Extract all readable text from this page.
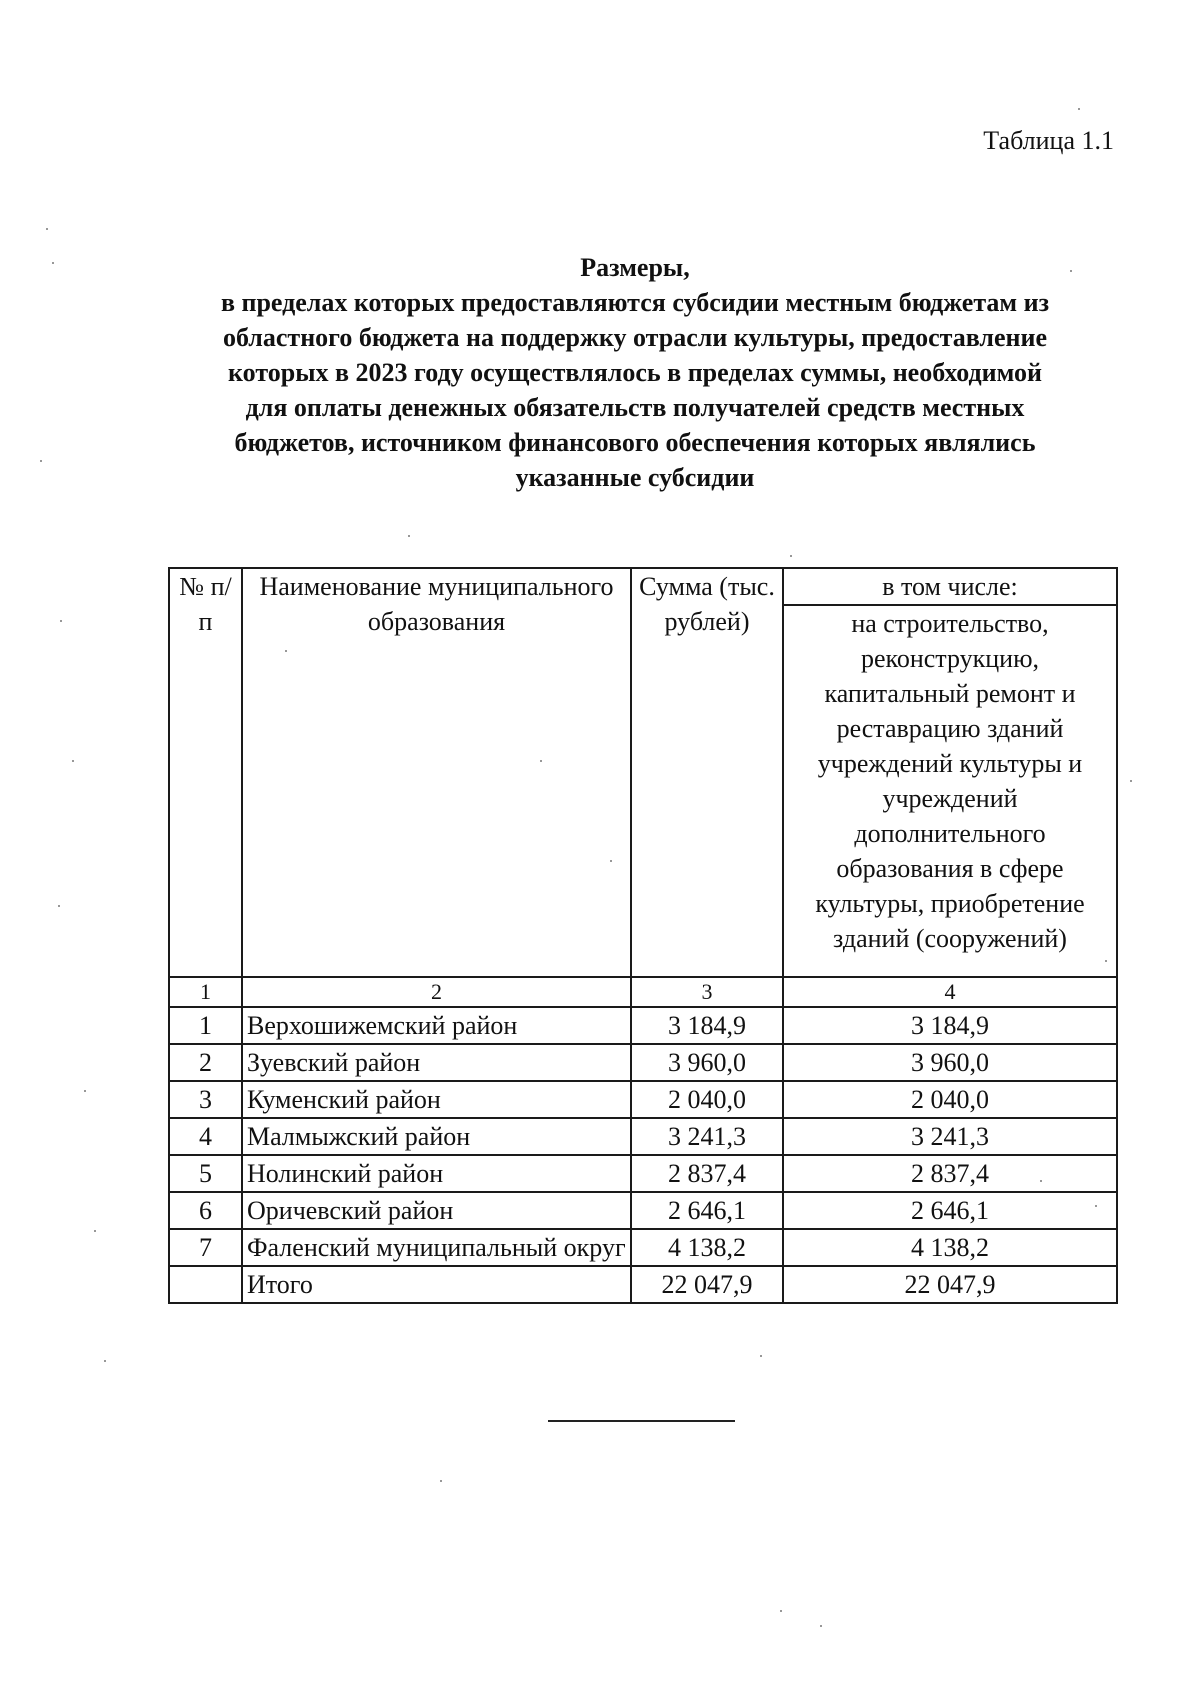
Таблица 1.1
Размеры,
в пределах которых предоставляются субсидии местным бюджетам из
областного бюджета на поддержку отрасли культуры, предоставление
которых в 2023 году осуществлялось в пределах суммы, необходимой
для оплаты денежных обязательств получателей средств местных
бюджетов, источником финансового обеспечения которых являлись
указанные субсидии
№ п/п	Наименование муниципального образования	Сумма (тыс. рублей)	в том числе:
			на строительство, реконструкцию, капитальный ремонт и реставрацию зданий учреждений культуры и учреждений дополнительного образования в сфере культуры, приобретение зданий (сооружений)
1	2	3	4
1	Верхошижемский район	3 184,9	3 184,9
2	Зуевский район	3 960,0	3 960,0
3	Куменский район	2 040,0	2 040,0
4	Малмыжский район	3 241,3	3 241,3
5	Нолинский район	2 837,4	2 837,4
6	Оричевский район	2 646,1	2 646,1
7	Фаленский муниципальный округ	4 138,2	4 138,2
	Итого	22 047,9	22 047,9
